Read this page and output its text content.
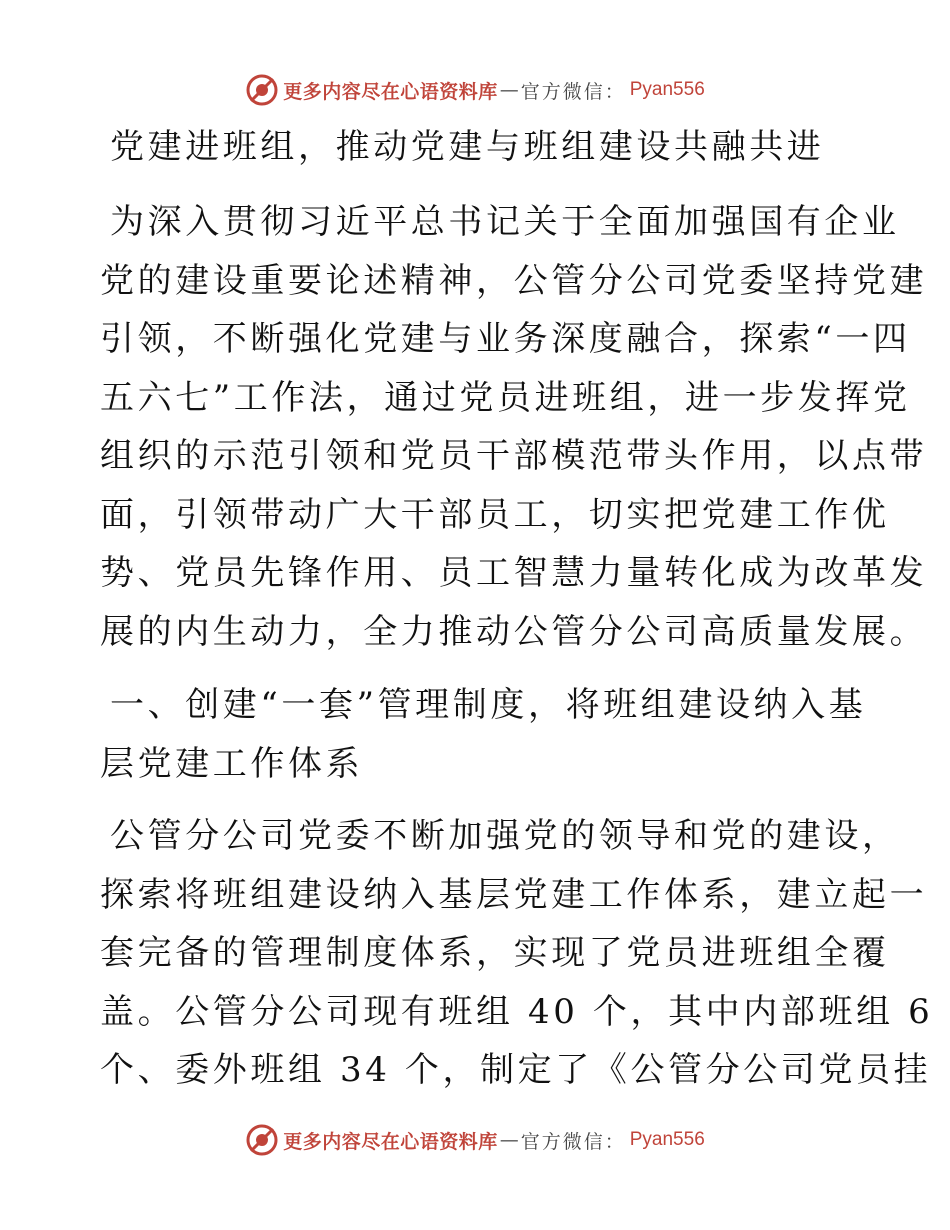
更多内容尽在心语资料库 — 官方微信： Pyan556
党建进班组，推动党建与班组建设共融共进
为深入贯彻习近平总书记关于全面加强国有企业
党的建设重要论述精神，公管分公司党委坚持党建
引领，不断强化党建与业务深度融合，探索“一四
五六七”工作法，通过党员进班组，进一步发挥党
组织的示范引领和党员干部模范带头作用，以点带
面，引领带动广大干部员工，切实把党建工作优
势、党员先锋作用、员工智慧力量转化成为改革发
展的内生动力，全力推动公管分公司高质量发展。
一、创建“一套”管理制度，将班组建设纳入基
层党建工作体系
公管分公司党委不断加强党的领导和党的建设，
探索将班组建设纳入基层党建工作体系，建立起一
套完备的管理制度体系，实现了党员进班组全覆
盖。公管分公司现有班组 40 个，其中内部班组 6
个、委外班组 34 个，制定了《公管分公司党员挂
更多内容尽在心语资料库 — 官方微信： Pyan556
